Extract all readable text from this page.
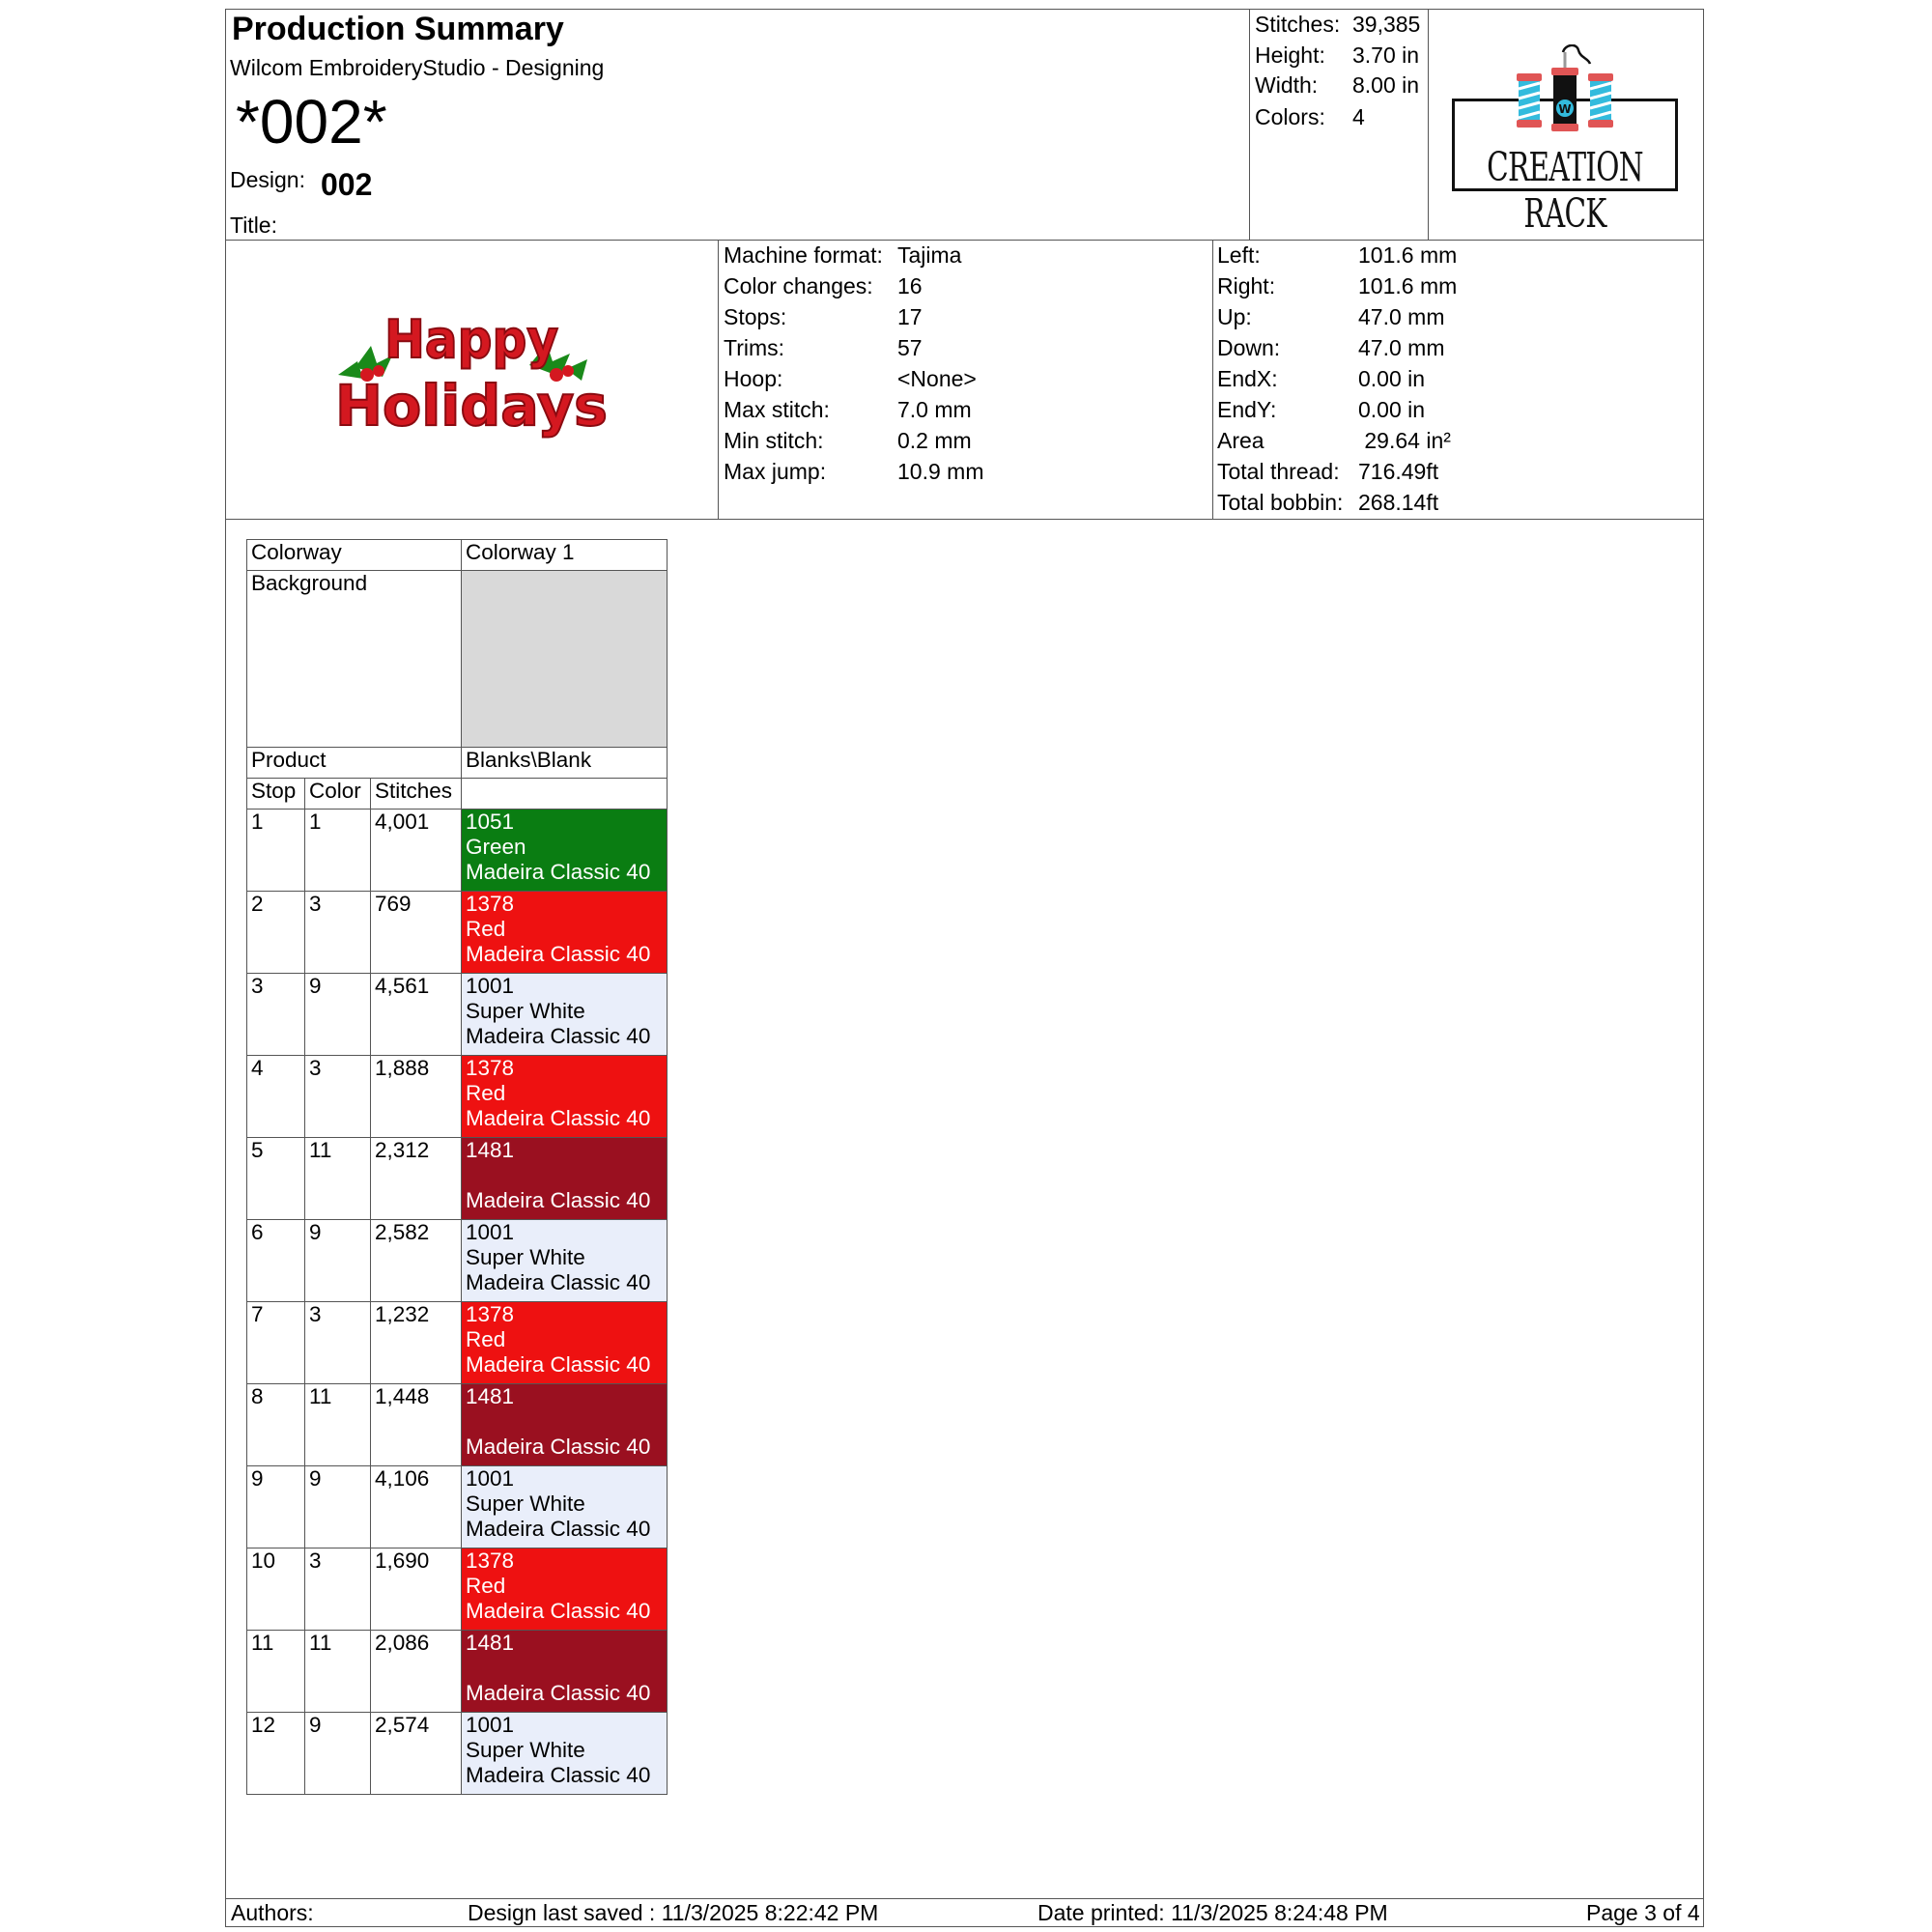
Production Summary
Wilcom EmbroideryStudio - Designing
*002*
Design: 002
Title:
Stitches: 39,385
Height: 3.70 in
Width: 8.00 in
Colors: 4
CREATION RACK
W
Happy
Holidays
Machine format: Tajima
Color changes: 16
Stops:	17
Trims:	57
Hoop:	<None>
Max stitch:	7.0 mm
Min stitch:	0.2 mm
Max jump:	10.9 mm
Left:	101.6 mm
Right:	101.6 mm
Up:	47.0 mm
Down:	47.0 mm
EndX:	0.00 in
EndY:	0.00 in
Area	29.64 in²
Total thread: 716.49ft
Total bobbin: 268.14ft
Colorway			Colorway 1
Background			
Product			Blanks\Blank
Stop	Color	Stitches	
1	1	4,001	1051
Green
Madeira Classic 40

2	3	769	1378
Red
Madeira Classic 40

3	9	4,561	1001
Super White
Madeira Classic 40

4	3	1,888	1378
Red
Madeira Classic 40

5	11	2,312	1481
Madeira Classic 40

6	9	2,582	1001
Super White
Madeira Classic 40

7	3	1,232	1378
Red
Madeira Classic 40

8	11	1,448	1481
Madeira Classic 40

9	9	4,106	1001
Super White
Madeira Classic 40

10	3	1,690	1378
Red
Madeira Classic 40

11	11	2,086	1481
Madeira Classic 40

12	9	2,574	1001
Super White
Madeira Classic 40
Authors:	Design last saved : 11/3/2025 8:22:42 PM	Date printed: 11/3/2025 8:24:48 PM	Page 3 of 4
